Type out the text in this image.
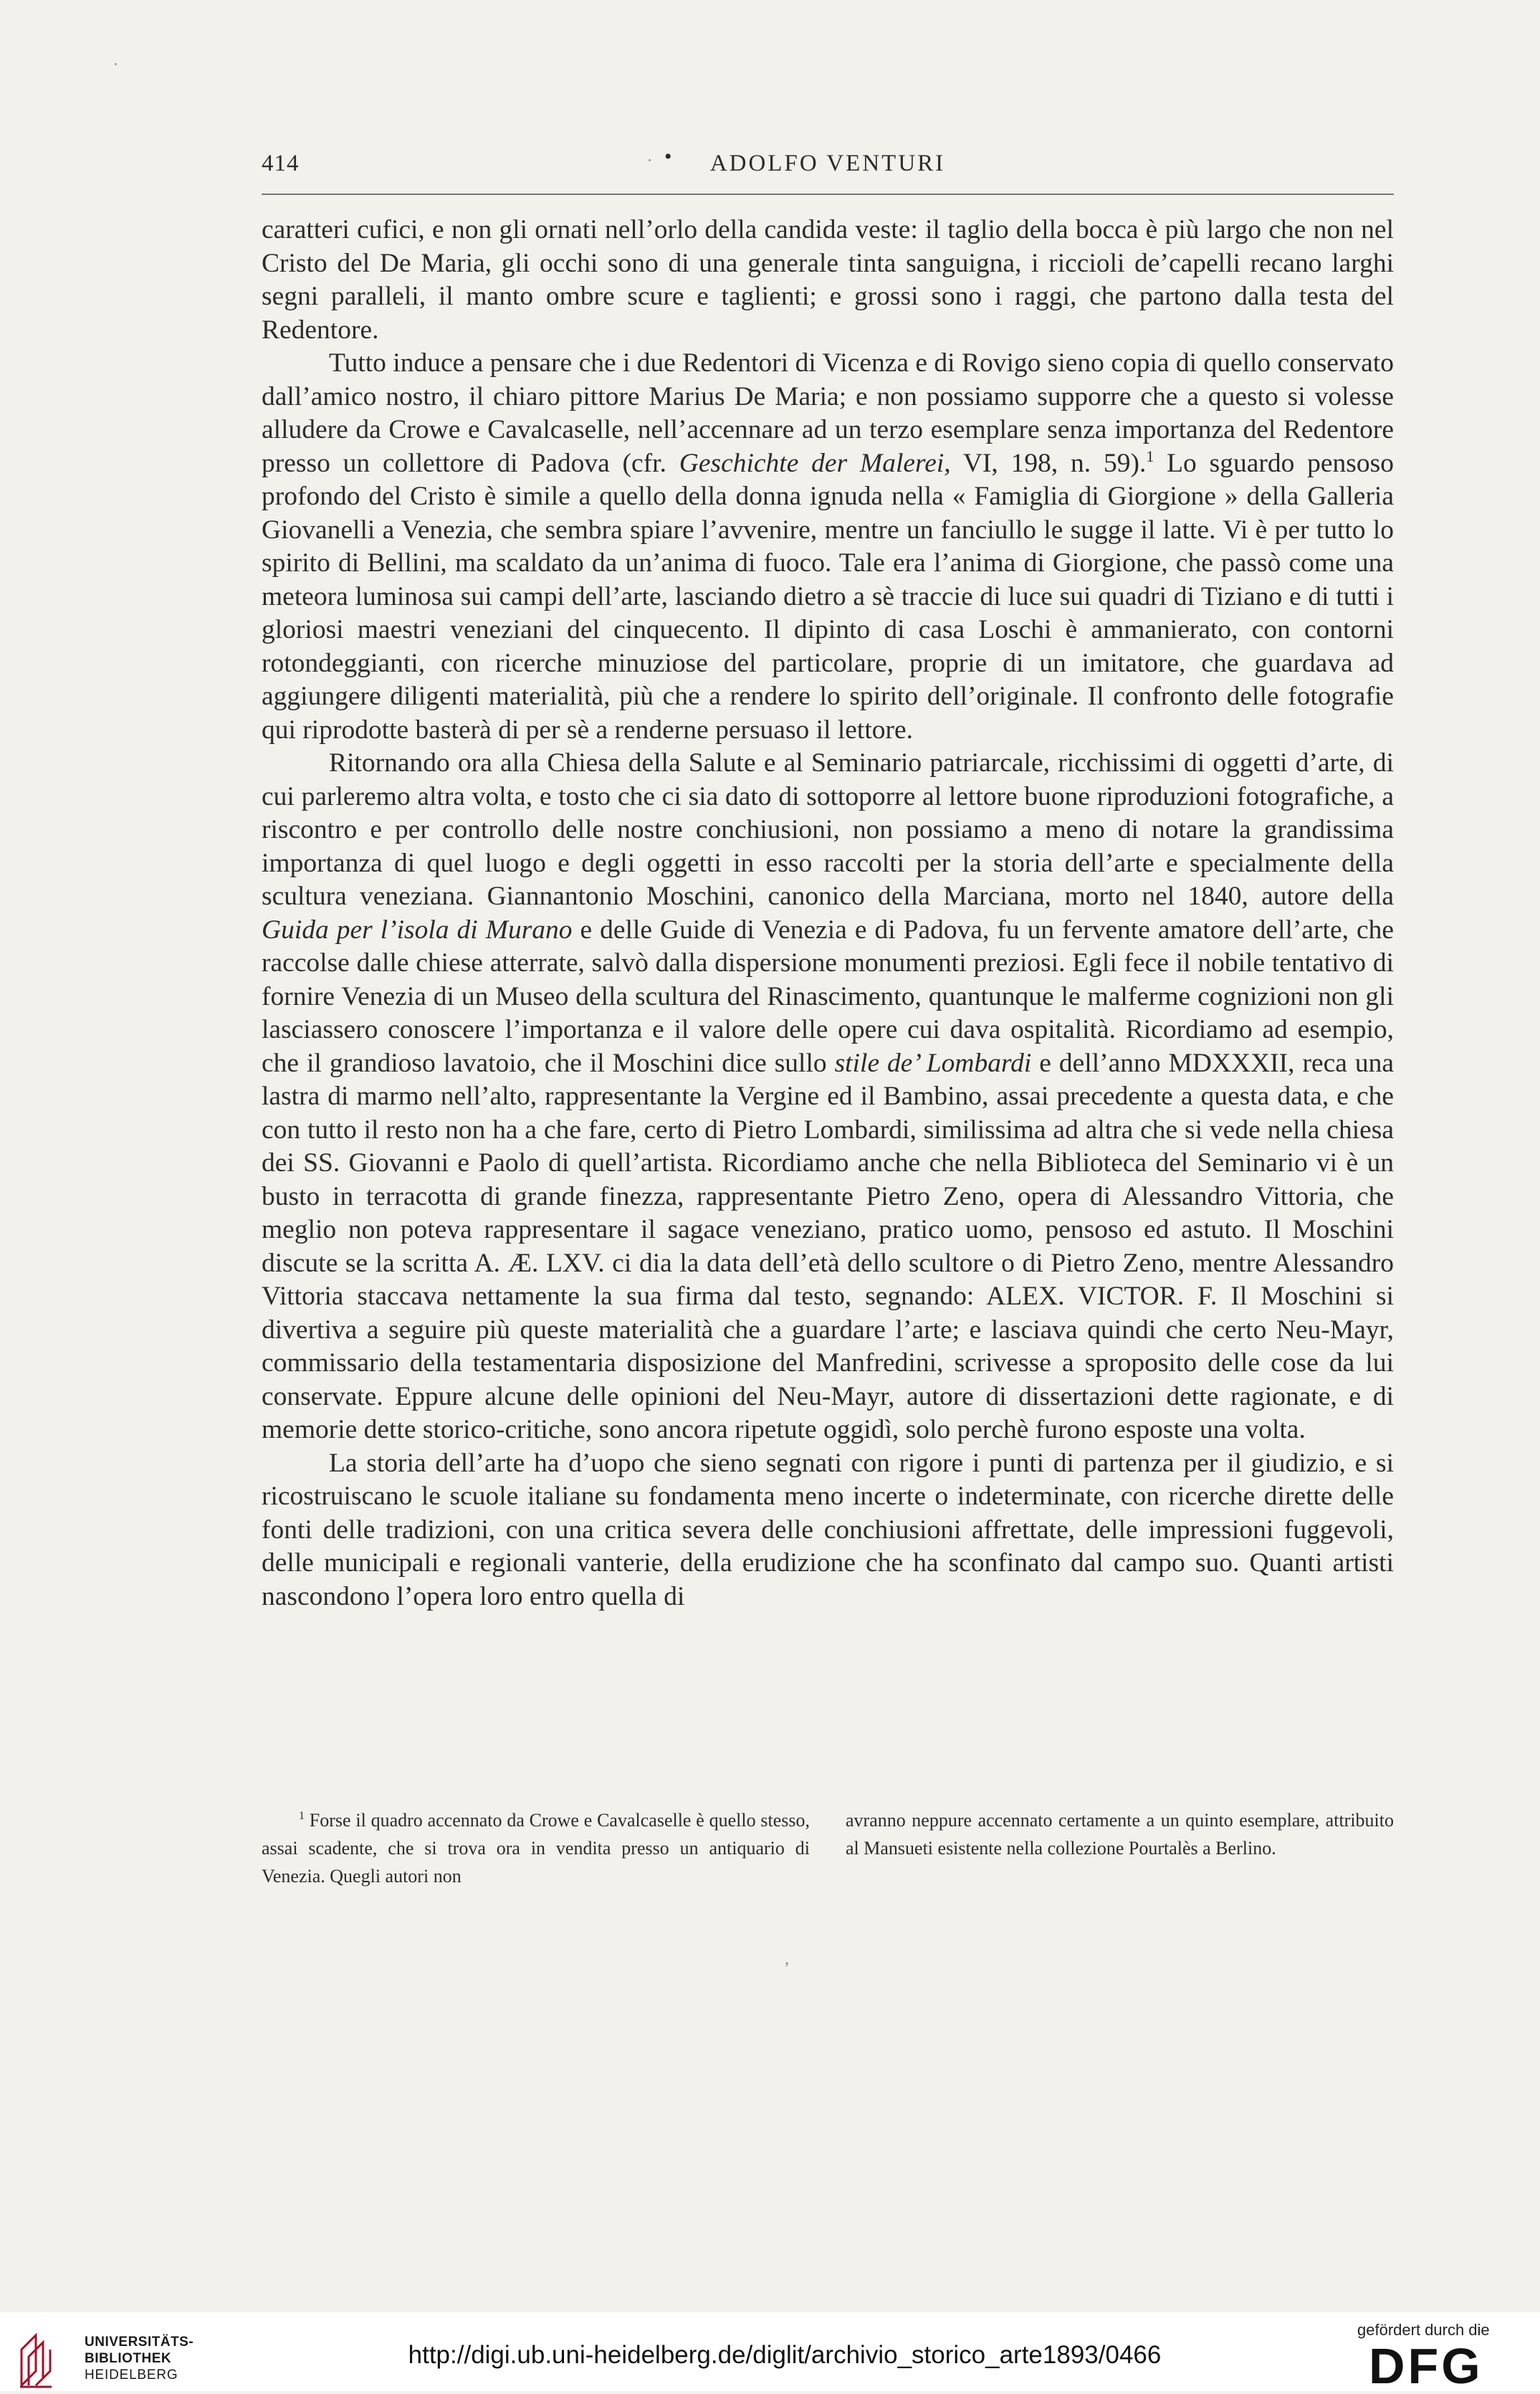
414	•	ADOLFO VENTURI

caratteri cufici, e non gli ornati nell’orlo della candida veste: il taglio della bocca è più largo che non nel Cristo del De Maria, gli occhi sono di una generale tinta sanguigna, i riccioli de’capelli recano larghi segni paralleli, il manto ombre scure e taglienti; e grossi sono i raggi, che partono dalla testa del Redentore.

Tutto induce a pensare che i due Redentori di Vicenza e di Rovigo sieno copia di quello conservato dall’amico nostro, il chiaro pittore Marius De Maria; e non possiamo supporre che a questo si volesse alludere da Crowe e Cavalcaselle, nell’accennare ad un terzo esemplare senza importanza del Redentore presso un collettore di Padova (cfr. Geschichte der Malerei, VI, 198, n. 59).$^1$ Lo sguardo pensoso profondo del Cristo è simile a quello della donna ignuda nella « Famiglia di Giorgione » della Galleria Giovanelli a Venezia, che sembra spiare l’avvenire, mentre un fanciullo le sugge il latte. Vi è per tutto lo spirito di Bellini, ma scaldato da un’anima di fuoco. Tale era l’anima di Giorgione, che passò come una meteora luminosa sui campi dell’arte, lasciando dietro a sè traccie di luce sui quadri di Tiziano e di tutti i gloriosi maestri veneziani del cinquecento. Il dipinto di casa Loschi è ammanierato, con contorni rotondeggianti, con ricerche minuziose del particolare, proprie di un imitatore, che guardava ad aggiungere diligenti materialità, più che a rendere lo spirito dell’originale. Il confronto delle fotografie qui riprodotte basterà di per sè a renderne persuaso il lettore.

Ritornando ora alla Chiesa della Salute e al Seminario patriarcale, ricchissimi di oggetti d’arte, di cui parleremo altra volta, e tosto che ci sia dato di sottoporre al lettore buone riproduzioni fotografiche, a riscontro e per controllo delle nostre conchiusioni, non possiamo a meno di notare la grandissima importanza di quel luogo e degli oggetti in esso raccolti per la storia dell’arte e specialmente della scultura veneziana. Giannantonio Moschini, canonico della Marciana, morto nel 1840, autore della Guida per l’isola di Murano e delle Guide di Venezia e di Padova, fu un fervente amatore dell’arte, che raccolse dalle chiese atterrate, salvò dalla dispersione monumenti preziosi. Egli fece il nobile tentativo di fornire Venezia di un Museo della scultura del Rinascimento, quantunque le malferme cognizioni non gli lasciassero conoscere l’importanza e il valore delle opere cui dava ospitalità. Ricordiamo ad esempio, che il grandioso lavatoio, che il Moschini dice sullo stile de’ Lombardi e dell’anno MDXXXII, reca una lastra di marmo nell’alto, rappresentante la Vergine ed il Bambino, assai precedente a questa data, e che con tutto il resto non ha a che fare, certo di Pietro Lombardi, similissima ad altra che si vede nella chiesa dei SS. Giovanni e Paolo di quell’artista. Ricordiamo anche che nella Biblioteca del Seminario vi è un busto in terracotta di grande finezza, rappresentante Pietro Zeno, opera di Alessandro Vittoria, che meglio non poteva rappresentare il sagace veneziano, pratico uomo, pensoso ed astuto. Il Moschini discute se la scritta A. Æ. LXV. ci dia la data dell’età dello scultore o di Pietro Zeno, mentre Alessandro Vittoria staccava nettamente la sua firma dal testo, segnando: ALEX. VICTOR. F. Il Moschini si divertiva a seguire più queste materialità che a guardare l’arte; e lasciava quindi che certo Neu-Mayr, commissario della testamentaria disposizione del Manfredini, scrivesse a sproposito delle cose da lui conservate. Eppure alcune delle opinioni del Neu-Mayr, autore di dissertazioni dette ragionate, e di memorie dette storico-critiche, sono ancora ripetute oggidì, solo perchè furono esposte una volta.

La storia dell’arte ha d’uopo che sieno segnati con rigore i punti di partenza per il giudizio, e si ricostruiscano le scuole italiane su fondamenta meno incerte o indeterminate, con ricerche dirette delle fonti delle tradizioni, con una critica severa delle conchiusioni affrettate, delle impressioni fuggevoli, delle municipali e regionali vanterie, della erudizione che ha sconfinato dal campo suo. Quanti artisti nascondono l’opera loro entro quella di

$^1$ Forse il quadro accennato da Crowe e Cavalcaselle è quello stesso, assai scadente, che si trova ora in vendita presso un antiquario di Venezia. Quegli autori non

avranno neppure accennato certamente a un quinto esemplare, attribuito al Mansueti esistente nella collezione Pourtalès a Berlino.

,
UNIVERSITÄTS-
BIBLIOTHEK
HEIDELBERG
http://digi.ub.uni-heidelberg.de/diglit/archivio_storico_arte1893/0466
gefördert durch die
DFG
